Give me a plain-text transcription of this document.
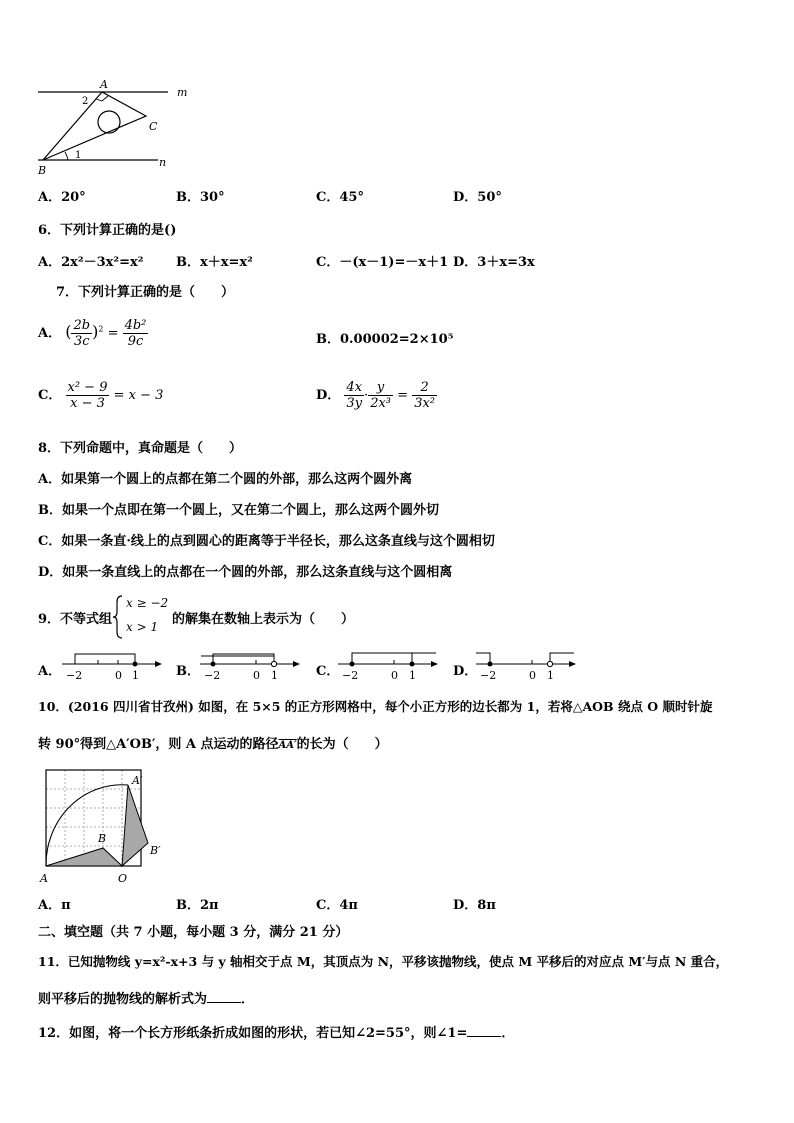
A
m
C
B
n
2
1
A．20°	B．30°	C．45°	D．50°
6．下列计算正确的是()
A．2x²－3x²=x²	B．x＋x=x²	C．－(x－1)=－x＋1 D．3＋x=3x
7．下列计算正确的是（　　）
A． ( $\frac{2b}{3c} )^2 = \frac{\text{4b²}}{9c}$	B．0.00002=2×10⁵
C． $\frac{\text{x² − 9}}{x - 3} = x - 3$	D． $\frac{4x}{3y} \cdot \frac{y}{\text{2x³}} = \frac{2}{\text{3x²}}$
8．下列命题中，真命题是（　　）
A．如果第一个圆上的点都在第二个圆的外部，那么这两个圆外离
B．如果一个点即在第一个圆上，又在第二个圆上，那么这两个圆外切
C．如果一条直·线上的点到圆心的距离等于半径长，那么这条直线与这个圆相切
D．如果一条直线上的点都在一个圆的外部，那么这条直线与这个圆相离
9．不等式组
x ≥ −2
x > 1 的解集在数轴上表示为（　　）
A． −2	0 1	B． −2	0 1	C． −2	0 1	D． −2	0 1
10．(2016 四川省甘孜州) 如图，在 5×5 的正方形网格中，每个小正方形的边长都为 1，若将△AOB 绕点 O 顺时针旋
转 90°得到△A′OB′，则 A 点运动的路径AA′的长为（　　）
A	O
B
A′
B′
A．π	B．2π	C．4π	D．8π
二、填空题（共 7 小题，每小题 3 分，满分 21 分）
11．已知抛物线 y=x²-x+3 与 y 轴相交于点 M，其顶点为 N，平移该抛物线，使点 M 平移后的对应点 M′与点 N 重合，
则平移后的抛物线的解析式为	．
12．如图，将一个长方形纸条折成如图的形状，若已知∠2=55°，则∠1=	．
